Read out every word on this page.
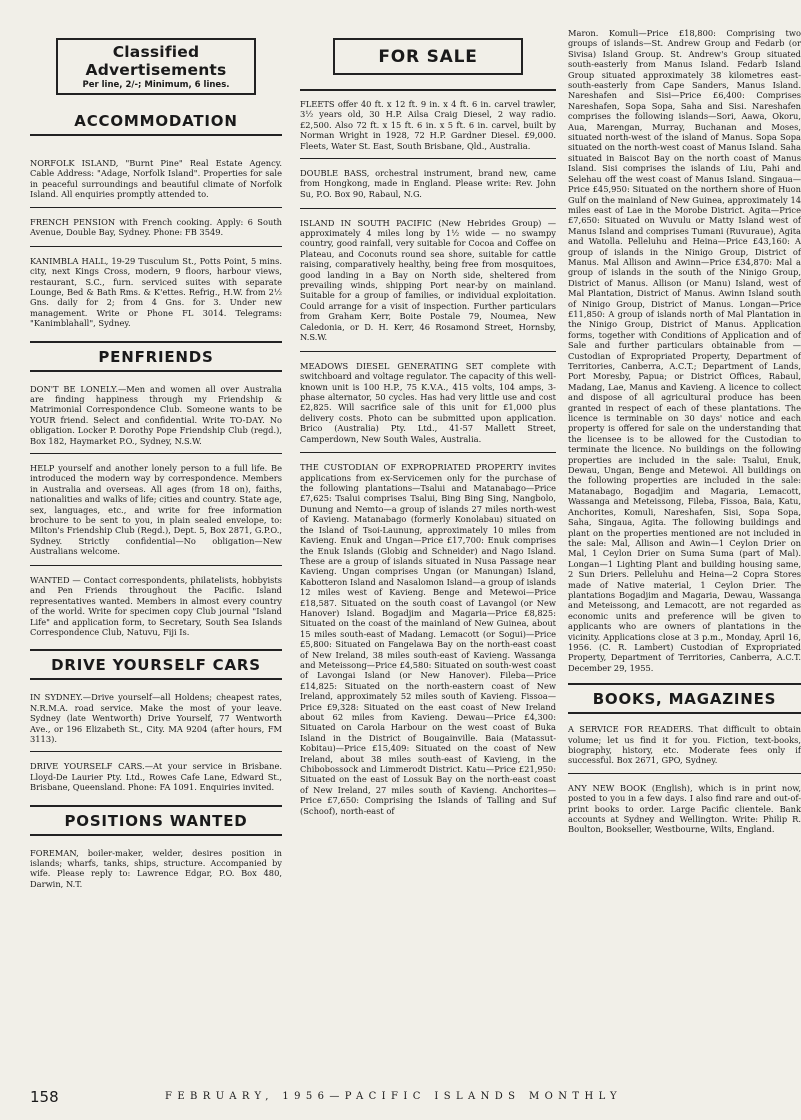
Classified Advertisements
Per line, 2/-; Minimum, 6 lines.
ACCOMMODATION

NORFOLK ISLAND, "Burnt Pine" Real Estate Agency. Cable Address: "Adage, Norfolk Island". Properties for sale in peaceful surroundings and beautiful climate of Norfolk Island. All enquiries promptly attended to.

FRENCH PENSION with French cooking. Apply: 6 South Avenue, Double Bay, Sydney. Phone: FB 3549.

KANIMBLA HALL, 19-29 Tusculum St., Potts Point, 5 mins. city, next Kings Cross, modern, 9 floors, harbour views, restaurant, S.C., furn. serviced suites with separate Lounge, Bed & Bath Rms. & K'ettes. Refrig., H.W. from 2½ Gns. daily for 2; from 4 Gns. for 3. Under new management. Write or Phone FL 3014. Telegrams: "Kanimblahall", Sydney.

PENFRIENDS

DON'T BE LONELY.—Men and women all over Australia are finding happiness through my Friendship & Matrimonial Correspondence Club. Someone wants to be YOUR friend. Select and confidential. Write TO-DAY. No obligation. Locker P. Dorothy Pope Friendship Club (regd.), Box 182, Haymarket P.O., Sydney, N.S.W.

HELP yourself and another lonely person to a full life. Be introduced the modern way by correspondence. Members in Australia and overseas. All ages (from 18 on), faiths, nationalities and walks of life; cities and country. State age, sex, languages, etc., and write for free information brochure to be sent to you, in plain sealed envelope, to: Milton's Friendship Club (Regd.), Dept. 5, Box 2871, G.P.O., Sydney. Strictly confidential—No obligation—New Australians welcome.

WANTED — Contact correspondents, philatelists, hobbyists and Pen Friends throughout the Pacific. Island representatives wanted. Members in almost every country of the world. Write for specimen copy Club journal "Island Life" and application form, to Secretary, South Sea Islands Correspondence Club, Natuvu, Fiji Is.

DRIVE YOURSELF CARS

IN SYDNEY.—Drive yourself—all Holdens; cheapest rates, N.R.M.A. road service. Make the most of your leave. Sydney (late Wentworth) Drive Yourself, 77 Wentworth Ave., or 196 Elizabeth St., City. MA 9204 (after hours, FM 3113).

DRIVE YOURSELF CARS.—At your service in Brisbane. Lloyd-De Laurier Pty. Ltd., Rowes Cafe Lane, Edward St., Brisbane, Queensland. Phone: FA 1091. Enquiries invited.

POSITIONS WANTED

FOREMAN, boiler-maker, welder, desires position in islands; wharfs, tanks, ships, structure. Accompanied by wife. Please reply to: Lawrence Edgar, P.O. Box 480, Darwin, N.T.

FOR SALE

FLEETS offer 40 ft. x 12 ft. 9 in. x 4 ft. 6 in. carvel trawler, 3½ years old, 30 H.P. Ailsa Craig Diesel, 2 way radio. £2,500. Also 72 ft. x 15 ft. 6 in. x 5 ft. 6 in. carvel, built by Norman Wright in 1928, 72 H.P. Gardner Diesel. £9,000. Fleets, Water St. East, South Brisbane, Qld., Australia.

DOUBLE BASS, orchestral instrument, brand new, came from Hongkong, made in England. Please write: Rev. John Su, P.O. Box 90, Rabaul, N.G.

ISLAND IN SOUTH PACIFIC (New Hebrides Group) — approximately 4 miles long by 1½ wide — no swampy country, good rainfall, very suitable for Cocoa and Coffee on Plateau, and Coconuts round sea shore, suitable for cattle raising, comparatively healthy, being free from mosquitoes, good landing in a Bay on North side, sheltered from prevailing winds, shipping Port near-by on mainland. Suitable for a group of families, or individual exploitation. Could arrange for a visit of inspection. Further particulars from Graham Kerr, Boite Postale 79, Noumea, New Caledonia, or D. H. Kerr, 46 Rosamond Street, Hornsby, N.S.W.

MEADOWS DIESEL GENERATING SET complete with switchboard and voltage regulator. The capacity of this well-known unit is 100 H.P., 75 K.V.A., 415 volts, 104 amps, 3-phase alternator, 50 cycles. Has had very little use and cost £2,825. Will sacrifice sale of this unit for £1,000 plus delivery costs. Photo can be submitted upon application. Brico (Australia) Pty. Ltd., 41-57 Mallett Street, Camperdown, New South Wales, Australia.

THE CUSTODIAN OF EXPROPRIATED PROPERTY invites applications from ex-Servicemen only for the purchase of the following plantations—Tsalui and Matanabago—Price £7,625: Tsalui comprises Tsalui, Bing Bing Sing, Nangbolo, Dunung and Nemto—a group of islands 27 miles north-west of Kavieng. Matanabago (formerly Konolabau) situated on the Island of Tsoi-Launung, approximately 10 miles from Kavieng. Enuk and Ungan—Price £17,700: Enuk comprises the Enuk Islands (Globig and Schneider) and Nago Island. These are a group of islands situated in Nusa Passage near Kavieng. Ungan comprises Ungan (or Manungan) Island, Kabotteron Island and Nasalomon Island—a group of islands 12 miles west of Kavieng. Benge and Metewoi—Price £18,587. Situated on the south coast of Lavangol (or New Hanover) Island. Bogadjim and Magaria—Price £8,825: Situated on the coast of the mainland of New Guinea, about 15 miles south-east of Madang. Lemacott (or Sogui)—Price £5,800: Situated on Fangelawa Bay on the north-east coast of New Ireland, 38 miles south-east of Kavieng. Wassanga and Meteissong—Price £4,580: Situated on south-west coast of Lavongai Island (or New Hanover). Fileba—Price £14,825: Situated on the north-eastern coast of New Ireland, approximately 52 miles south of Kavieng. Fissoa—Price £9,328: Situated on the east coast of New Ireland about 62 miles from Kavieng. Dewau—Price £4,300: Situated on Carola Harbour on the west coast of Buka Island in the District of Bougainville. Baia (Matassut-Kobitau)—Price £15,409: Situated on the coast of New Ireland, about 38 miles south-east of Kavieng, in the Chibobossock and Limmerodt District. Katu—Price £21,950: Situated on the east of Lossuk Bay on the north-east coast of New Ireland, 27 miles south of Kavieng. Anchorites—Price £7,650: Comprising the Islands of Talling and Suf (Schoof), north-east of

Maron. Komuli—Price £18,800: Comprising two groups of islands—St. Andrew Group and Fedarb (or Sivisa) Island Group. St. Andrew's Group situated south-easterly from Manus Island. Fedarb Island Group situated approximately 38 kilometres east-south-easterly from Cape Sanders, Manus Island. Nareshafen and Sisi—Price £6,400: Comprises Nareshafen, Sopa Sopa, Saha and Sisi. Nareshafen comprises the following islands—Sori, Aawa, Okoru, Aua, Marengan, Murray, Buchanan and Moses, situated north-west of the island of Manus. Sopa Sopa situated on the north-west coast of Manus Island. Saha situated in Baiscot Bay on the north coast of Manus Island. Sisi comprises the islands of Liu, Pahi and Selehau off the west coast of Manus Island. Singaua—Price £45,950: Situated on the northern shore of Huon Gulf on the mainland of New Guinea, approximately 14 miles east of Lae in the Morobe District. Agita—Price £7,650: Situated on Wuvulu or Matty Island west of Manus Island and comprises Tumani (Ruvuraue), Agita and Watolla. Pelleluhu and Heina—Price £43,160: A group of islands in the Ninigo Group, District of Manus. Mal Allison and Awinn—Price £34,870: Mal a group of islands in the south of the Ninigo Group, District of Manus. Allison (or Manu) Island, west of Mal Plantation, District of Manus. Awinn Island south of Ninigo Group, District of Manus. Longan—Price £11,850: A group of islands north of Mal Plantation in the Ninigo Group, District of Manus. Application forms, together with Conditions of Application and of Sale and further particulars obtainable from — Custodian of Expropriated Property, Department of Territories, Canberra, A.C.T.; Department of Lands, Port Moresby, Papua; or District Offices, Rabaul, Madang, Lae, Manus and Kavieng. A licence to collect and dispose of all agricultural produce has been granted in respect of each of these plantations. The licence is terminable on 30 days' notice and each property is offered for sale on the understanding that the licensee is to be allowed for the Custodian to terminate the licence. No buildings on the following properties are included in the sale: Tsalui, Enuk, Dewau, Ungan, Benge and Metewoi. All buildings on the following properties are included in the sale: Matanabago, Bogadjim and Magaria, Lemacott, Wassanga and Meteissong, Fileba, Fissoa, Baia, Katu, Anchorites, Komuli, Nareshafen, Sisi, Sopa Sopa, Saha, Singaua, Agita. The following buildings and plant on the properties mentioned are not included in the sale: Mal, Allison and Awin—1 Ceylon Drier on Mal, 1 Ceylon Drier on Suma Suma (part of Mal). Longan—1 Lighting Plant and building housing same, 2 Sun Driers. Pelleluhu and Heina—2 Copra Stores made of Native material, 1 Ceylon Drier. The plantations Bogadjim and Magaria, Dewau, Wassanga and Meteissong, and Lemacott, are not regarded as economic units and preference will be given to applicants who are owners of plantations in the vicinity. Applications close at 3 p.m., Monday, April 16, 1956. (C. R. Lambert) Custodian of Expropriated Property, Department of Territories, Canberra, A.C.T. December 29, 1955.

BOOKS, MAGAZINES

A SERVICE FOR READERS. That difficult to obtain volume; let us find it for you. Fiction, text-books, biography, history, etc. Moderate fees only if successful. Box 2671, GPO, Sydney.

ANY NEW BOOK (English), which is in print now, posted to you in a few days. I also find rare and out-of-print books to order. Large Pacific clientele. Bank accounts at Sydney and Wellington. Write: Philip R. Boulton, Bookseller, Westbourne, Wilts, England.

158	FEBRUARY, 1956—PACIFIC ISLANDS MONTHLY
